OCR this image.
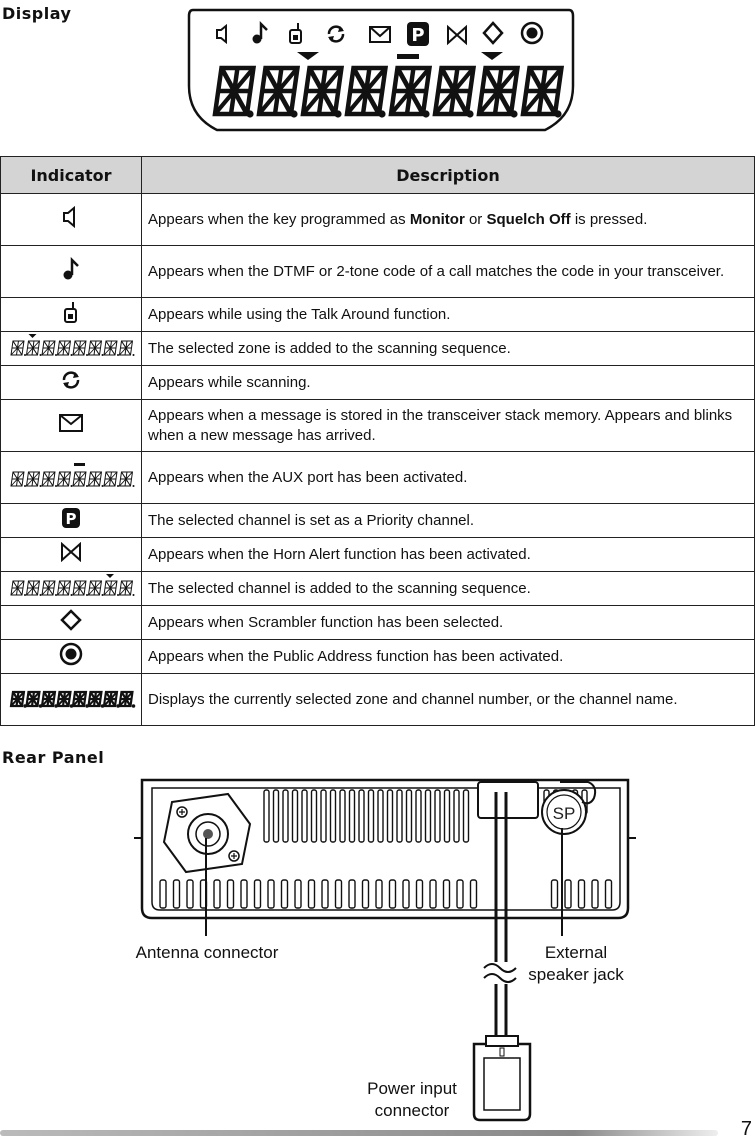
Display
P
Indicator	Description
	Appears when the key programmed as Monitor or Squelch Off is pressed.
	Appears when the DTMF or 2-tone code of a call matches the code in your transceiver.
	Appears while using the Talk Around function.
	The selected zone is added to the scanning sequence.
	Appears while scanning.
	Appears when a message is stored in the transceiver stack memory. Appears and blinks when a new message has arrived.
	Appears when the AUX port has been activated.

P	The selected channel is set as a Priority channel.
	Appears when the Horn Alert function has been activated.
	The selected channel is added to the scanning sequence.
	Appears when Scrambler function has been selected.
	Appears when the Public Address function has been activated.
	Displays the currently selected zone and channel number, or the channel name.
Rear Panel
SP
Antenna connector	External
speaker jack
Power input
connector
7
